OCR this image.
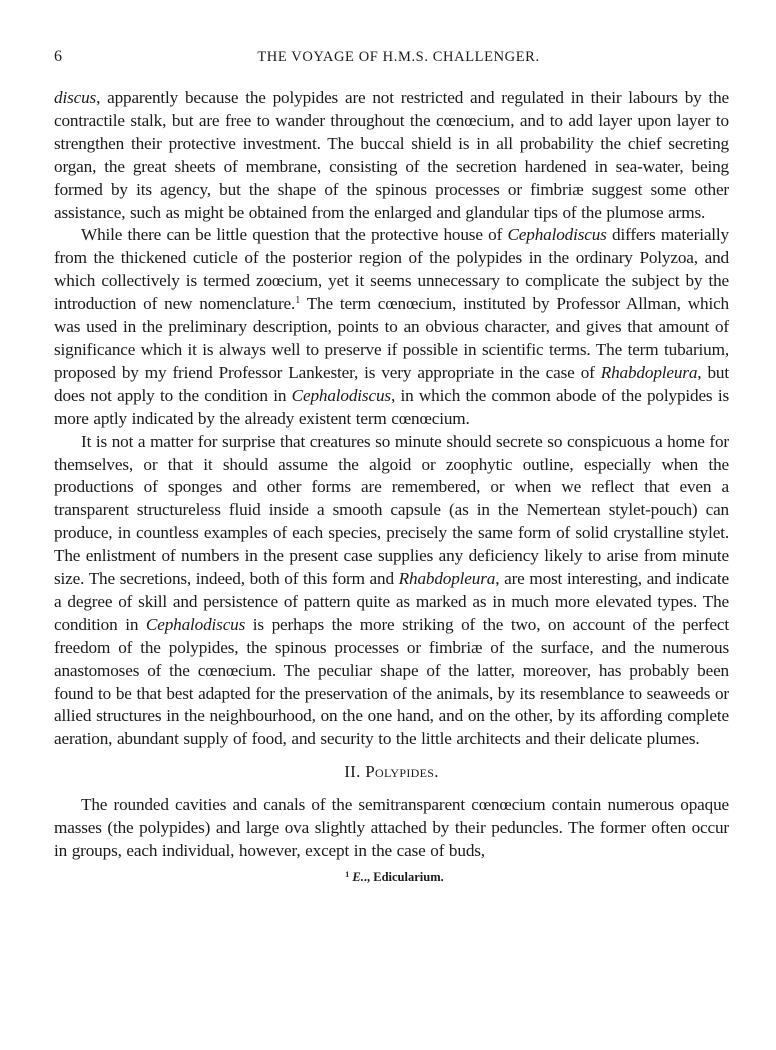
6	THE VOYAGE OF H.M.S. CHALLENGER.

discus, apparently because the polypides are not restricted and regulated in their labours by the contractile stalk, but are free to wander throughout the cœnœcium, and to add layer upon layer to strengthen their protective investment. The buccal shield is in all probability the chief secreting organ, the great sheets of membrane, consisting of the secretion hardened in sea-water, being formed by its agency, but the shape of the spinous processes or fimbriæ suggest some other assistance, such as might be obtained from the enlarged and glandular tips of the plumose arms.

While there can be little question that the protective house of Cephalodiscus differs materially from the thickened cuticle of the posterior region of the polypides in the ordinary Polyzoa, and which collectively is termed zoœcium, yet it seems unnecessary to complicate the subject by the introduction of new nomenclature.$^1$ The term cœnœcium, instituted by Professor Allman, which was used in the preliminary description, points to an obvious character, and gives that amount of significance which it is always well to preserve if possible in scientific terms. The term tubarium, proposed by my friend Professor Lankester, is very appropriate in the case of Rhabdopleura, but does not apply to the condition in Cephalodiscus, in which the common abode of the polypides is more aptly indicated by the already existent term cœnœcium.

It is not a matter for surprise that creatures so minute should secrete so conspicuous a home for themselves, or that it should assume the algoid or zoophytic outline, especially when the productions of sponges and other forms are remembered, or when we reflect that even a transparent structureless fluid inside a smooth capsule (as in the Nemertean stylet-pouch) can produce, in countless examples of each species, precisely the same form of solid crystalline stylet. The enlistment of numbers in the present case supplies any deficiency likely to arise from minute size. The secretions, indeed, both of this form and Rhabdopleura, are most interesting, and indicate a degree of skill and persistence of pattern quite as marked as in much more elevated types. The condition in Cephalodiscus is perhaps the more striking of the two, on account of the perfect freedom of the polypides, the spinous processes or fimbriæ of the surface, and the numerous anastomoses of the cœnœcium. The peculiar shape of the latter, moreover, has probably been found to be that best adapted for the preservation of the animals, by its resemblance to seaweeds or allied structures in the neighbourhood, on the one hand, and on the other, by its affording complete aeration, abundant supply of food, and security to the little architects and their delicate plumes.

II. Polypides.

The rounded cavities and canals of the semitransparent cœnœcium contain numerous opaque masses (the polypides) and large ova slightly attached by their peduncles. The former often occur in groups, each individual, however, except in the case of buds,

$^1$ E.., Edicularium.
